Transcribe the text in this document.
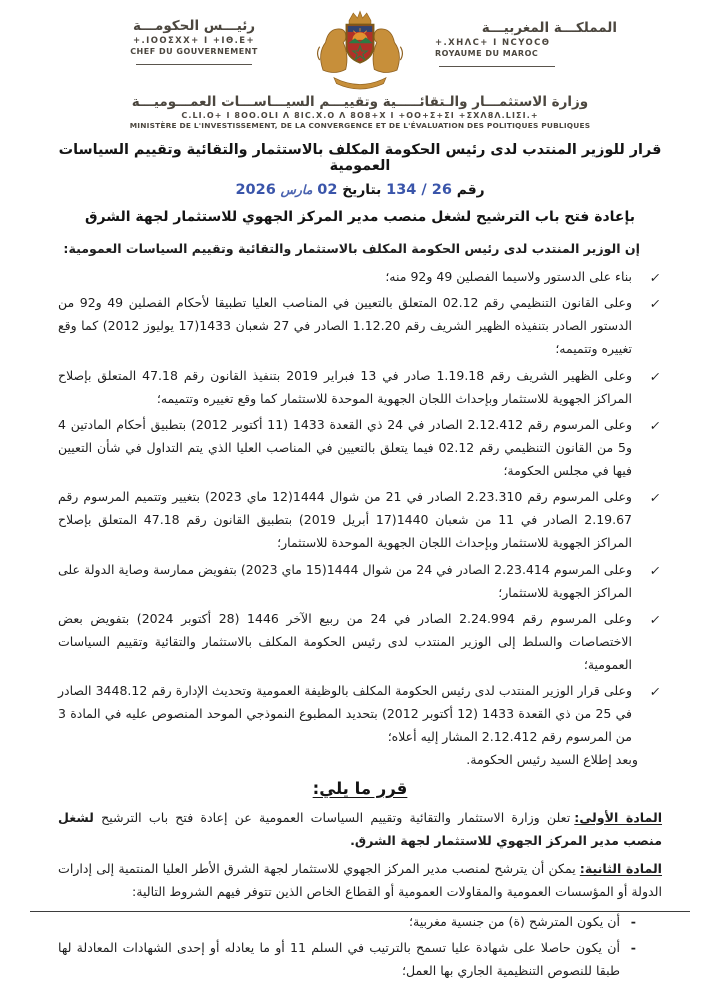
رئيـــس الحكومـــة
+.IOOΣXX+ I +IΘ.E+
CHEF DU GOUVERNEMENT
المملكـــة المغربيـــة
+.XHΛC+ I NCYOCΘ
ROYAUME DU MAROC
وزارة الاستثمـــار والـتقائـــــية وتقييـــم السيـــاســـات العمـــوميـــة
+.C.LI.O+ I 8OO.OLI Λ 8IC.X.O Λ 8O8+X I +OO+Σ+ΣI +ΣXΛ8Λ.LIΣI
MINISTÈRE DE L'INVESTISSEMENT, DE LA CONVERGENCE ET DE L'ÉVALUATION DES POLITIQUES PUBLIQUES
قرار للوزير المنتدب لدى رئيس الحكومة المكلف بالاستثمار والتقائية وتقييم السياسات العمومية
رقم 134 / 26 بتاريخ 02 مارس 2026
بإعادة فتح باب الترشيح لشغل منصب مدير المركز الجهوي للاستثمار لجهة الشرق

إن الوزير المنتدب لدى رئيس الحكومة المكلف بالاستثمار والتقائية وتقييم السياسات العمومية:

✓ بناء على الدستور ولاسيما الفصلين 49 و92 منه؛
✓ وعلى القانون التنظيمي رقم 02.12 المتعلق بالتعيين في المناصب العليا تطبيقا لأحكام الفصلين 49 و92 من الدستور الصادر بتنفيذه الظهير الشريف رقم 1.12.20 الصادر في 27 شعبان 1433(17 يوليوز 2012) كما وقع تغييره وتتميمه؛
✓ وعلى الظهير الشريف رقم 1.19.18 صادر في 13 فبراير 2019 بتنفيذ القانون رقم 47.18 المتعلق بإصلاح المراكز الجهوية للاستثمار وبإحداث اللجان الجهوية الموحدة للاستثمار كما وقع تغييره وتتميمه؛
✓ وعلى المرسوم رقم 2.12.412 الصادر في 24 ذي القعدة 1433 (11 أكتوبر 2012) بتطبيق أحكام المادتين 4 و5 من القانون التنظيمي رقم 02.12 فيما يتعلق بالتعيين في المناصب العليا الذي يتم التداول في شأن التعيين فيها في مجلس الحكومة؛
✓ وعلى المرسوم رقم 2.23.310 الصادر في 21 من شوال 1444(12 ماي 2023) بتغيير وتتميم المرسوم رقم 2.19.67 الصادر في 11 من شعبان 1440(17 أبريل 2019) بتطبيق القانون رقم 47.18 المتعلق بإصلاح المراكز الجهوية للاستثمار وبإحداث اللجان الجهوية الموحدة للاستثمار؛
✓ وعلى المرسوم 2.23.414 الصادر في 24 من شوال 1444(15 ماي 2023) بتفويض ممارسة وصاية الدولة على المراكز الجهوية للاستثمار؛
✓ وعلى المرسوم رقم 2.24.994 الصادر في 24 من ربيع الآخر 1446 (28 أكتوبر 2024) بتفويض بعض الاختصاصات والسلط إلى الوزير المنتدب لدى رئيس الحكومة المكلف بالاستثمار والتقائية وتقييم السياسات العمومية؛
✓ وعلى قرار الوزير المنتدب لدى رئيس الحكومة المكلف بالوظيفة العمومية وتحديث الإدارة رقم 3448.12 الصادر في 25 من ذي القعدة 1433 (12 أكتوبر 2012) بتحديد المطبوع النموذجي الموحد المنصوص عليه في المادة 3 من المرسوم رقم 2.12.412 المشار إليه أعلاه؛

وبعد إطلاع السيد رئيس الحكومة.

قرر ما يلي:

المادة الأولى:تعلن وزارة الاستثمار والتقائية وتقييم السياسات العمومية عن إعادة فتح باب الترشيح لشغل منصب مدير المركز الجهوي للاستثمار لجهة الشرق.

المادة الثانية:يمكن أن يترشح لمنصب مدير المركز الجهوي للاستثمار لجهة الشرق الأطر العليا المنتمية إلى إدارات الدولة أو المؤسسات العمومية والمقاولات العمومية أو القطاع الخاص الذين تتوفر فيهم الشروط التالية:

- أن يكون المترشح (ة) من جنسية مغربية؛
- أن يكون حاصلا على شهادة عليا تسمح بالترتيب في السلم 11 أو ما يعادله أو إحدى الشهادات المعادلة لها طبقا للنصوص التنظيمية الجاري بها العمل؛
